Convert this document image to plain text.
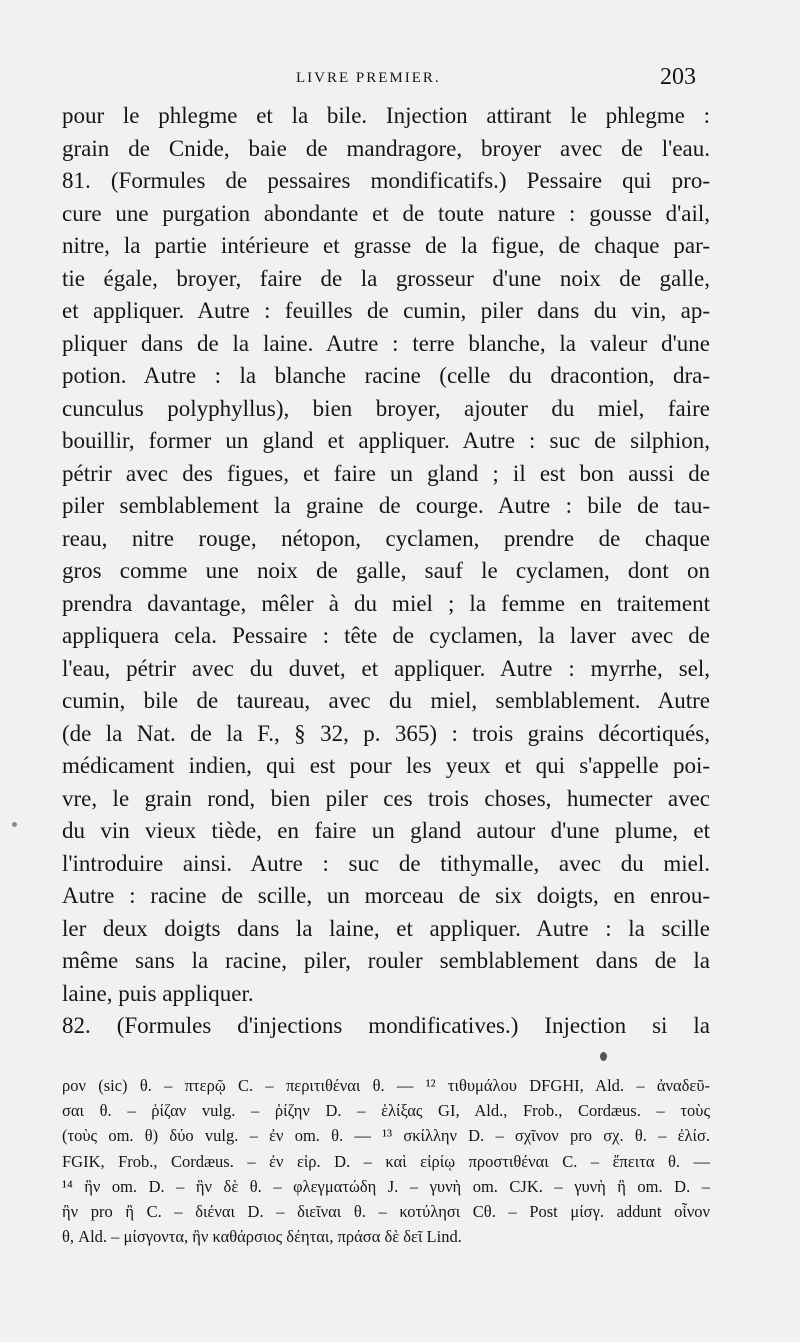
LIVRE PREMIER.	203
pour le phlegme et la bile. Injection attirant le phlegme :
grain de Cnide, baie de mandragore, broyer avec de l'eau.
81. (Formules de pessaires mondificatifs.) Pessaire qui pro-
cure une purgation abondante et de toute nature : gousse d'ail,
nitre, la partie intérieure et grasse de la figue, de chaque par-
tie égale, broyer, faire de la grosseur d'une noix de galle,
et appliquer. Autre : feuilles de cumin, piler dans du vin, ap-
pliquer dans de la laine. Autre : terre blanche, la valeur d'une
potion. Autre : la blanche racine (celle du dracontion, dra-
cunculus polyphyllus), bien broyer, ajouter du miel, faire
bouillir, former un gland et appliquer. Autre : suc de silphion,
pétrir avec des figues, et faire un gland ; il est bon aussi de
piler semblablement la graine de courge. Autre : bile de tau-
reau, nitre rouge, nétopon, cyclamen, prendre de chaque
gros comme une noix de galle, sauf le cyclamen, dont on
prendra davantage, mêler à du miel ; la femme en traitement
appliquera cela. Pessaire : tête de cyclamen, la laver avec de
l'eau, pétrir avec du duvet, et appliquer. Autre : myrrhe, sel,
cumin, bile de taureau, avec du miel, semblablement. Autre
(de la Nat. de la F., § 32, p. 365) : trois grains décortiqués,
médicament indien, qui est pour les yeux et qui s'appelle poi-
vre, le grain rond, bien piler ces trois choses, humecter avec
du vin vieux tiède, en faire un gland autour d'une plume, et
l'introduire ainsi. Autre : suc de tithymalle, avec du miel.
Autre : racine de scille, un morceau de six doigts, en enrou-
ler deux doigts dans la laine, et appliquer. Autre : la scille
même sans la racine, piler, rouler semblablement dans de la
laine, puis appliquer.
82. (Formules d'injections mondificatives.) Injection si la
ρον (sic) θ. – πτερῷ C. – περιτιθέναι θ. — ¹² τιθυμάλου DFGHI, Ald. – ἀναδεῦ-
σαι θ. – ῥίζαν vulg. – ῥίζην D. – ἑλίξας GI, Ald., Frob., Cordæus. – τοὺς
(τοὺς om. θ) δύο vulg. – ἐν om. θ. — ¹³ σκίλλην D. – σχῖνον pro σχ. θ. – ἐλίσ.
FGIK, Frob., Cordæus. – ἐν εἰρ. D. – καὶ εἰρίῳ προστιθέναι C. – ἔπειτα θ. —
¹⁴ ἣν om. D. – ἣν δὲ θ. – φλεγματώδη J. – γυνὴ om. CJK. – γυνὴ ἢ om. D. –
ἢν pro ἢ C. – διέναι D. – διεῖναι θ. – κοτύλησι Cθ. – Post μίσγ. addunt οἶνον
θ, Ald. – μίσγοντα, ἢν καθάρσιος δέηται, πράσα δὲ δεῖ Lind.
